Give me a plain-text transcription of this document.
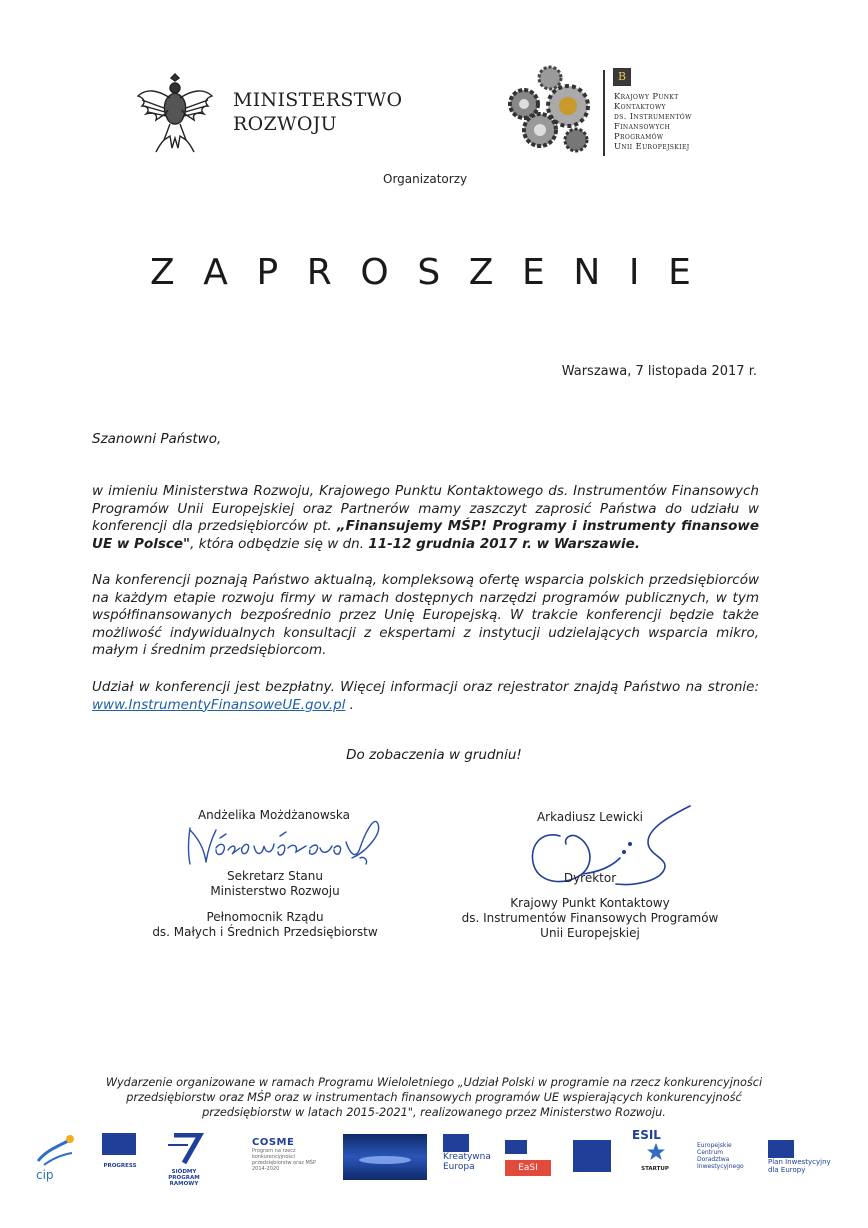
MINISTERSTWO
ROZWOJU
B
Krajowy Punkt
Kontaktowy
ds. Instrumentów
Finansowych
Programów
Unii Europejskiej
Organizatorzy
ZAPROSZENIE
Warszawa, 7 listopada 2017 r.
Szanowni Państwo,
w imieniu Ministerstwa Rozwoju, Krajowego Punktu Kontaktowego ds. Instrumentów Finansowych Programów Unii Europejskiej oraz Partnerów mamy zaszczyt zaprosić Państwa do udziału w konferencji dla przedsiębiorców pt. „Finansujemy MŚP! Programy i instrumenty finansowe UE w Polsce", która odbędzie się w dn. 11-12 grudnia 2017 r. w Warszawie.
Na konferencji poznają Państwo aktualną, kompleksową ofertę wsparcia polskich przedsiębiorców na każdym etapie rozwoju firmy w ramach dostępnych narzędzi programów publicznych, w tym współfinansowanych bezpośrednio przez Unię Europejską. W trakcie konferencji będzie także możliwość indywidualnych konsultacji z ekspertami z instytucji udzielających wsparcia mikro, małym i średnim przedsiębiorcom.
Udział w konferencji jest bezpłatny. Więcej informacji oraz rejestrator znajdą Państwo na stronie: www.InstrumentyFinansoweUE.gov.pl .
Do zobaczenia w grudniu!
Andżelika Możdżanowska
Sekretarz Stanu
Ministerstwo Rozwoju
Pełnomocnik Rządu
ds. Małych i Średnich Przedsiębiorstw
Arkadiusz Lewicki
Dyrektor
Krajowy Punkt Kontaktowy
ds. Instrumentów Finansowych Programów
Unii Europejskiej
Wydarzenie organizowane w ramach Programu Wieloletniego „Udział Polski w programie na rzecz konkurencyjności przedsiębiorstw oraz MŚP oraz w instrumentach finansowych programów UE wspierających konkurencyjność przedsiębiorstw w latach 2015-2021", realizowanego przez Ministerstwo Rozwoju.
cip
PROGRESS
SIÓDMY PROGRAM RAMOWY
COSME
Program na rzecz konkurencyjności przedsiębiorstw oraz MŚP 2014-2020
Kreatywna
Europa	EaSI
ESIL
STARTUP
Europejskie
Centrum
Doradztwa
Inwestycyjnego
Plan Inwestycyjny
dla Europy
